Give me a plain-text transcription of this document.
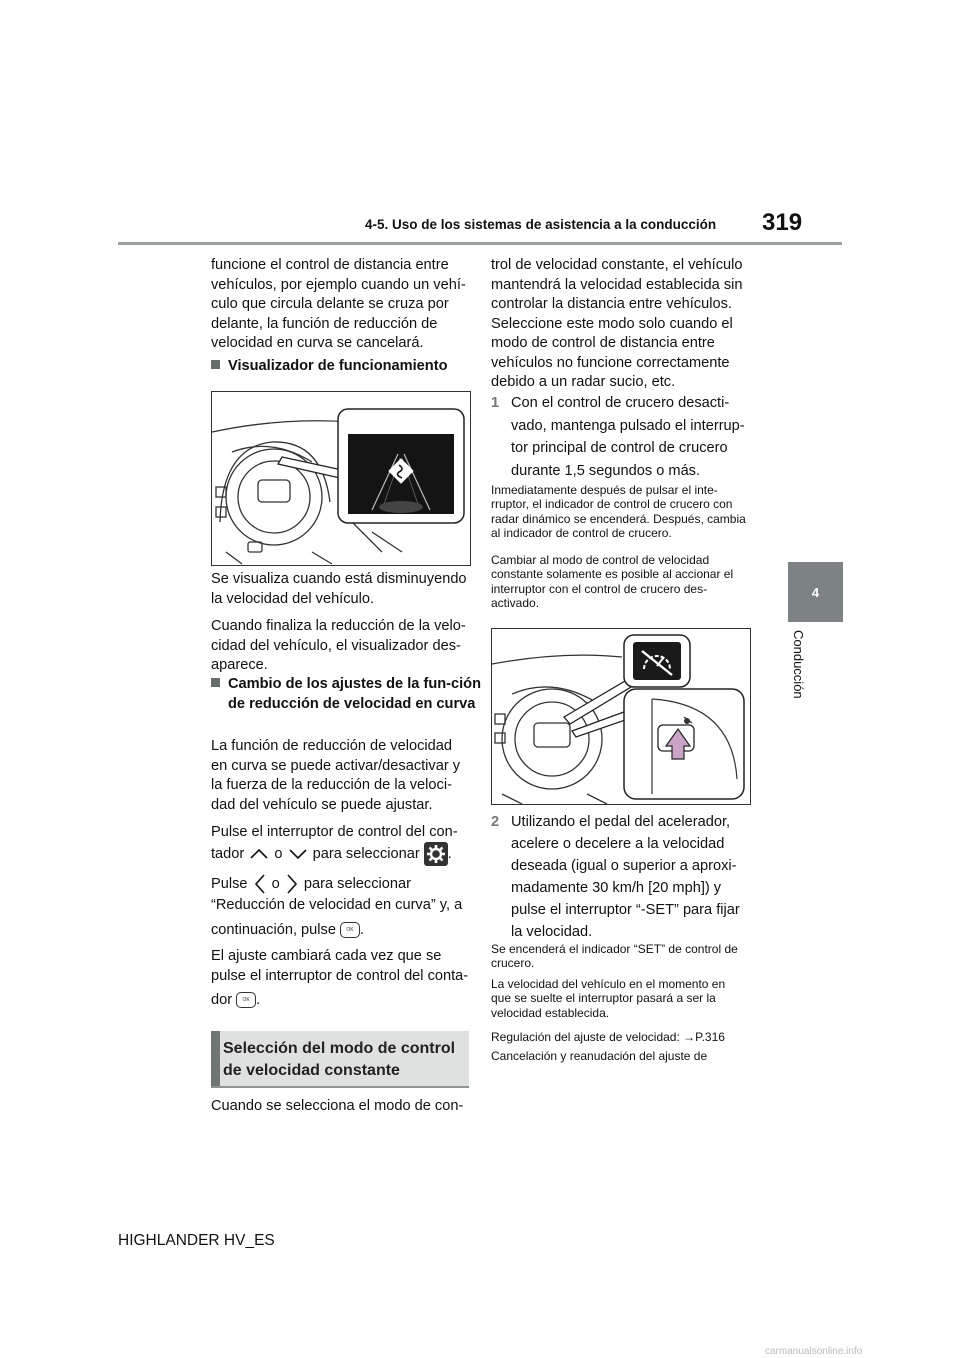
4-5. Uso de los sistemas de asistencia a la conducción 319
4
Conducción

funcione el control de distancia entre vehículos, por ejemplo cuando un vehí-culo que circula delante se cruza por delante, la función de reducción de velocidad en curva se cancelará.

Visualizador de funcionamiento

Se visualiza cuando está disminuyendo la velocidad del vehículo.

Cuando finaliza la reducción de la velo-cidad del vehículo, el visualizador des-aparece.

Cambio de los ajustes de la fun-ción de reducción de velocidad en curva

La función de reducción de velocidad en curva se puede activar/desactivar y la fuerza de la reducción de la veloci-dad del vehículo se puede ajustar.

Pulse el interruptor de control del con-

tador o para seleccionar .
Pulse o para seleccionar
“Reducción de velocidad en curva” y, a
continuación, pulse OK .
El ajuste cambiará cada vez que se pulse el interruptor de control del conta-
dor OK .

Selección del modo de control de velocidad constante

Cuando se selecciona el modo de con-
trol de velocidad constante, el vehículo mantendrá la velocidad establecida sin controlar la distancia entre vehículos. Seleccione este modo solo cuando el modo de control de distancia entre vehículos no funcione correctamente debido a un radar sucio, etc.
1 Con el control de crucero desacti-vado, mantenga pulsado el interrup-tor principal de control de crucero durante 1,5 segundos o más.
Inmediatamente después de pulsar el inte-rruptor, el indicador de control de crucero con radar dinámico se encenderá. Después, cambia al indicador de control de crucero.
Cambiar al modo de control de velocidad constante solamente es posible al accionar el interruptor con el control de crucero des-activado.
2 Utilizando el pedal del acelerador, acelere o decelere a la velocidad deseada (igual o superior a aproxi-madamente 30 km/h [20 mph]) y pulse el interruptor “-SET” para fijar la velocidad.
Se encenderá el indicador “SET” de control de crucero.
La velocidad del vehículo en el momento en que se suelte el interruptor pasará a ser la velocidad establecida.
Regulación del ajuste de velocidad: →P.316
Cancelación y reanudación del ajuste de
HIGHLANDER HV_ES
carmanualsonline.info
